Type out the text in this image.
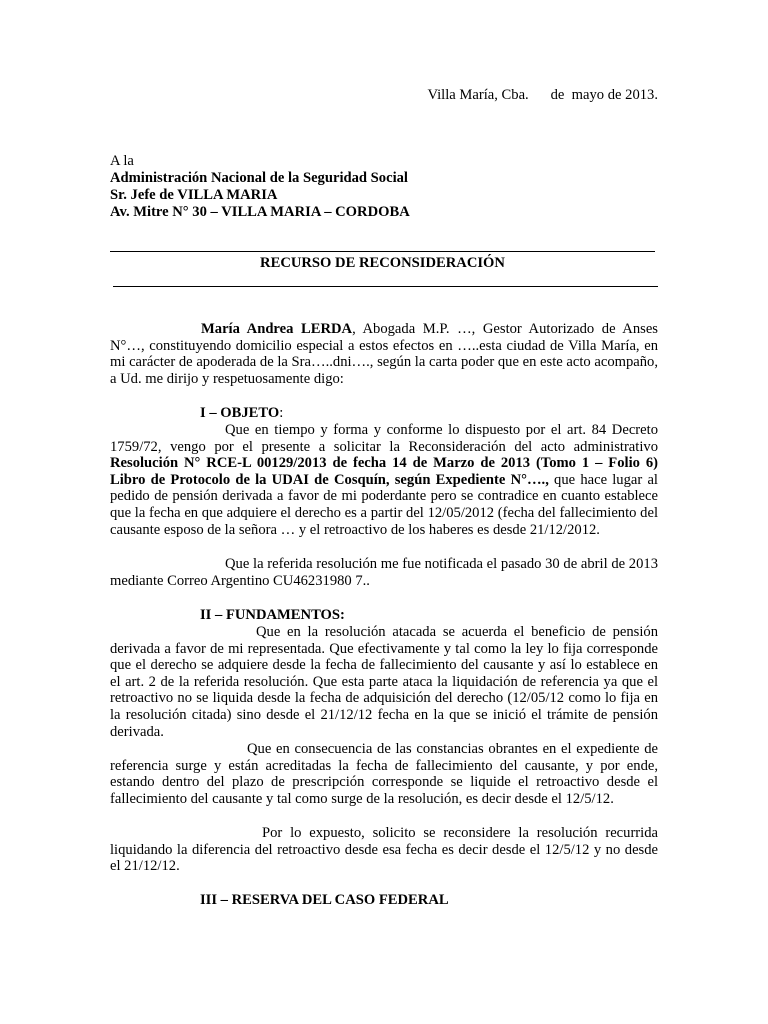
Villa María, Cba.      de  mayo de 2013.
A la
Administración Nacional de la Seguridad Social
Sr. Jefe de VILLA MARIA
Av. Mitre N° 30 – VILLA MARIA – CORDOBA
RECURSO DE RECONSIDERACIÓN

María Andrea LERDA, Abogada M.P. …, Gestor Autorizado de Anses N°…, constituyendo domicilio especial a estos efectos en …..esta ciudad de Villa María, en mi carácter de apoderada de la Sra…..dni…., según la carta poder que en este acto acompaño, a Ud. me dirijo y respetuosamente digo:

I – OBJETO:

Que en tiempo y forma y conforme lo dispuesto por el art. 84 Decreto 1759/72, vengo por el presente a solicitar la Reconsideración del acto administrativo Resolución N° RCE-L 00129/2013 de fecha 14 de Marzo de 2013 (Tomo 1 – Folio 6) Libro de Protocolo de la UDAI de Cosquín, según Expediente N°…., que hace lugar al pedido de pensión derivada a favor de mi poderdante pero se contradice en cuanto establece que la fecha en que adquiere el derecho es a partir del 12/05/2012 (fecha del fallecimiento del causante esposo de la señora … y el retroactivo de los haberes es desde 21/12/2012.

Que la referida resolución me fue notificada el pasado 30 de abril de 2013 mediante Correo Argentino CU46231980 7..

II – FUNDAMENTOS:

Que en la resolución atacada se acuerda el beneficio de pensión derivada a favor de mi representada. Que efectivamente y tal como la ley lo fija corresponde que el derecho se adquiere desde la fecha de fallecimiento del causante y así lo establece en el art. 2 de la referida resolución. Que esta parte ataca la liquidación de referencia ya que el retroactivo no se liquida desde la fecha de adquisición del derecho (12/05/12 como lo fija en la resolución citada) sino desde el 21/12/12 fecha en la que se inició el trámite de pensión derivada.

Que en consecuencia de las constancias obrantes en el expediente de referencia surge y están acreditadas la fecha de fallecimiento del causante, y por ende, estando dentro del plazo de prescripción corresponde se liquide el retroactivo desde el fallecimiento del causante y tal como surge de la resolución, es decir desde el 12/5/12.

Por lo expuesto, solicito se reconsidere la resolución recurrida liquidando la diferencia del retroactivo desde esa fecha es decir desde el 12/5/12 y no desde el 21/12/12.

III – RESERVA DEL CASO FEDERAL
